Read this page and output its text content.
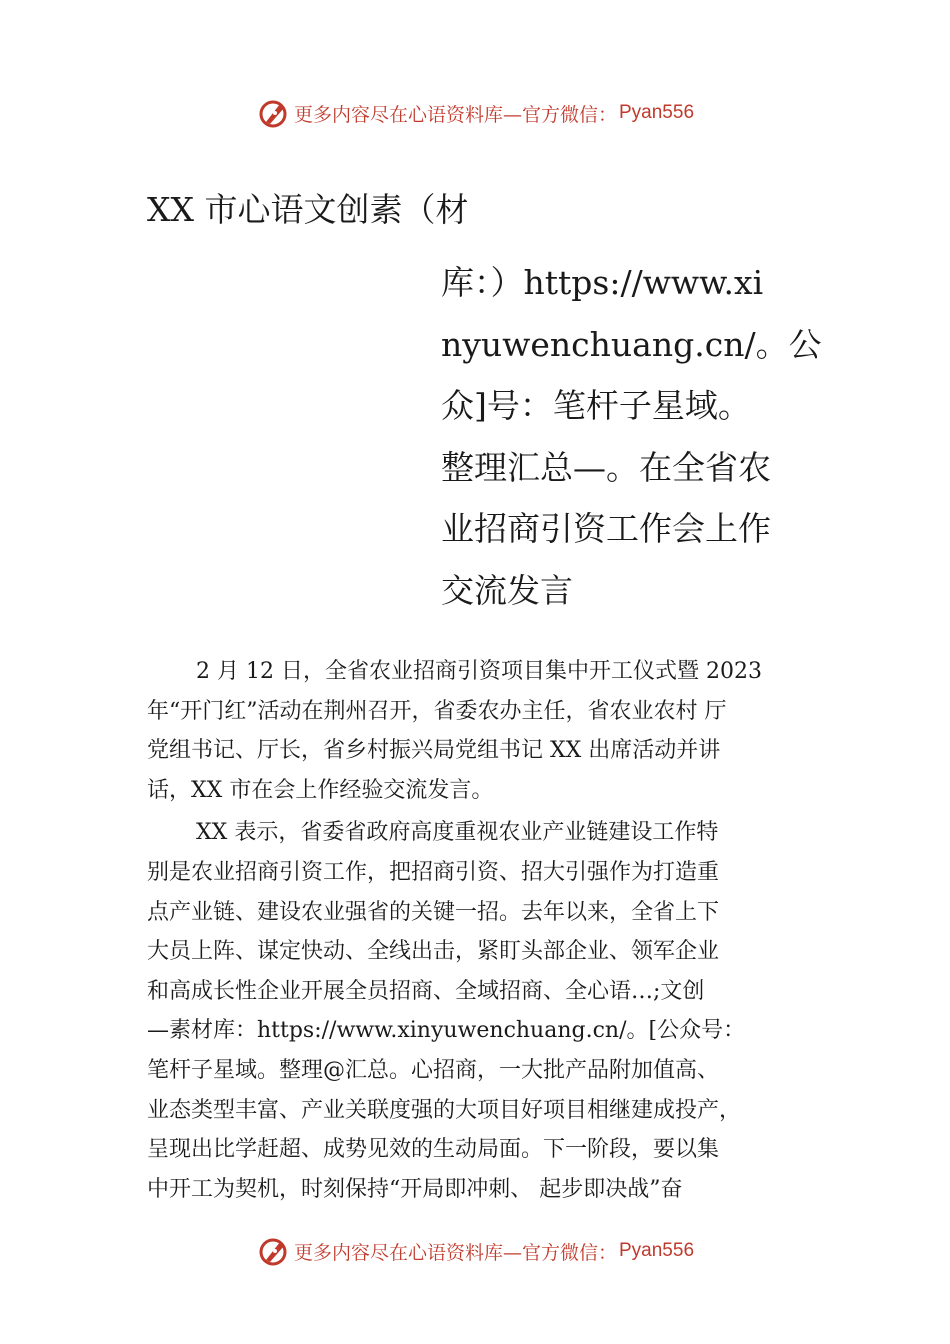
更多内容尽在心语资料库—官方微信： Pyan556
XX 市心语文创素（材
库：）https://www.xi
nyuwenchuang.cn/。公
众]号：笔杆子星域。
整理汇总—。在全省农
业招商引资工作会上作
交流发言
2 月 12 日，全省农业招商引资项目集中开工仪式暨 2023
年“开门红”活动在荆州召开，省委农办主任，省农业农村 厅
党组书记、厅长，省乡村振兴局党组书记 XX 出席活动并讲
话，XX 市在会上作经验交流发言。
XX 表示，省委省政府高度重视农业产业链建设工作特
别是农业招商引资工作，把招商引资、招大引强作为打造重
点产业链、建设农业强省的关键一招。去年以来，全省上下
大员上阵、谋定快动、全线出击，紧盯头部企业、领军企业
和高成长性企业开展全员招商、全域招商、全心语…;文创
—素材库：https://www.xinyuwenchuang.cn/。[公众号：
笔杆子星域。整理@汇总。心招商，一大批产品附加值高、
业态类型丰富、产业关联度强的大项目好项目相继建成投产，
呈现出比学赶超、成势见效的生动局面。下一阶段，要以集
中开工为契机，时刻保持“开局即冲刺、 起步即决战”奋
更多内容尽在心语资料库—官方微信： Pyan556
